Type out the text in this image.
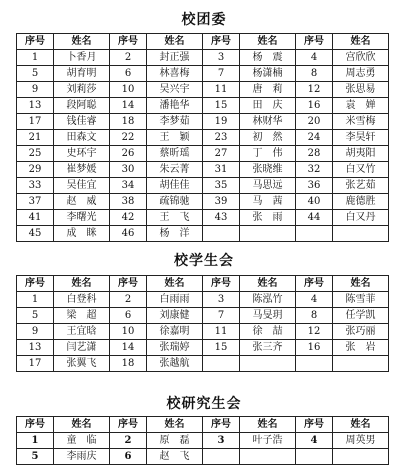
校团委
序号	姓名	序号	姓名	序号	姓名	序号	姓名
1	卜香月	2	封正强	3	杨　震	4	宫欣欣
5	胡育明	6	林喜梅	7	杨潇楠	8	周志勇
9	刘莉莎	10	吴兴宇	11	唐　莉	12	张思易
13	段阿聪	14	潘艳华	15	田　庆	16	袁　婵
17	钱佳睿	18	李梦茹	19	林财华	20	米雪梅
21	田森文	22	王　颖	23	初　然	24	李昊轩
25	史环宇	26	蔡昕瑶	27	丁　伟	28	胡夷阳
29	崔梦媛	30	朱云菁	31	张晓维	32	白又竹
33	吴佳宜	34	胡佳佳	35	马思远	36	张艺茹
37	赵　威	38	疏锦驰	39	马　茜	40	鹿德胜
41	李曙光	42	王　飞	43	张　雨	44	白又丹
45	成　眯	46	杨　洋				
校学生会
序号	姓名	序号	姓名	序号	姓名	序号	姓名
1	白登科	2	白雨雨	3	陈泓竹	4	陈雪菲
5	梁　超	6	刘康健	7	马旻玥	8	任学凯
9	王宜晗	10	徐嘉明	11	徐　喆	12	张巧丽
13	闫艺潇	14	张瑞婷	15	张三齐	16	张　岩
17	张翼飞	18	张越航				
校研究生会
序号	姓名	序号	姓名	序号	姓名	序号	姓名
1	童　临	2	原　磊	3	叶子浩	4	周英男
5	李雨庆	6	赵　飞				
